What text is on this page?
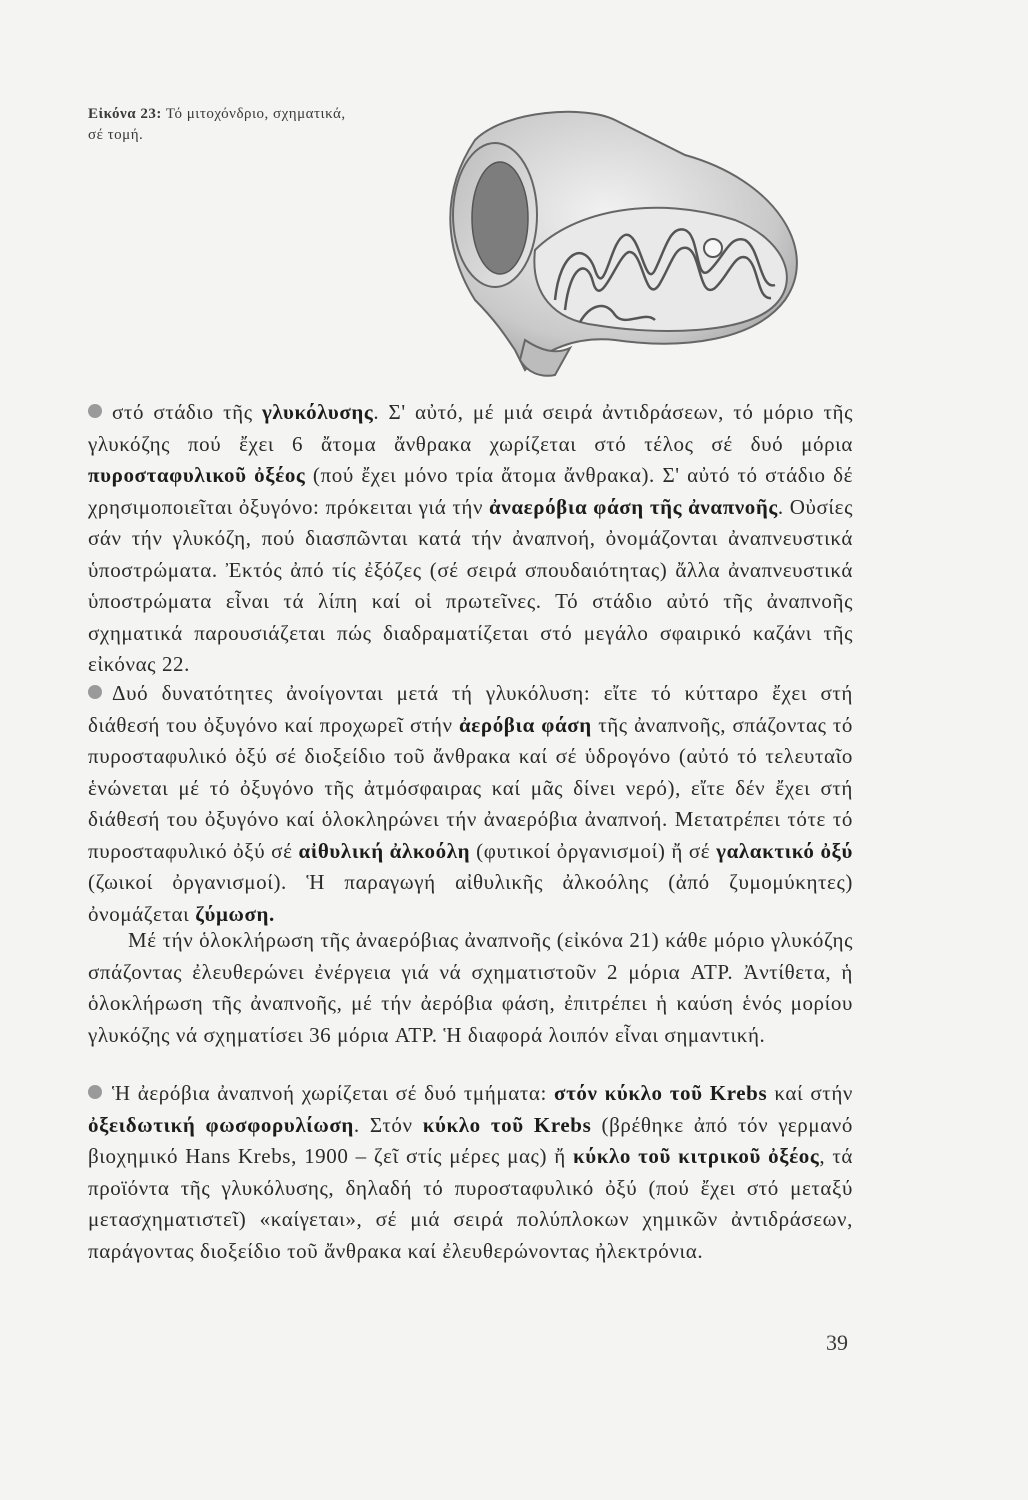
Εἰκόνα 23: Τό μιτοχόνδριο, σχηματικά, σέ τομή.
στό στάδιο τῆς γλυκόλυσης. Σ' αὐτό, μέ μιά σειρά ἀντιδράσεων, τό μόριο τῆς γλυκόζης πού ἔχει 6 ἄτομα ἄνθρακα χωρίζεται στό τέλος σέ δυό μόρια πυροσταφυλικοῦ ὀξέος (πού ἔχει μόνο τρία ἄτομα ἄνθρακα). Σ' αὐτό τό στάδιο δέ χρησιμοποιεῖται ὀξυγόνο: πρόκειται γιά τήν ἀναερόβια φάση τῆς ἀναπνοῆς. Οὐσίες σάν τήν γλυκόζη, πού διασπῶνται κατά τήν ἀναπνοή, ὀνομάζονται ἀναπνευστικά ὑποστρώματα. Ἐκτός ἀπό τίς ἐξόζες (σέ σειρά σπουδαιότητας) ἄλλα ἀναπνευστικά ὑποστρώματα εἶναι τά λίπη καί οἱ πρωτεῖνες. Τό στάδιο αὐτό τῆς ἀναπνοῆς σχηματικά παρουσιάζεται πώς διαδραματίζεται στό μεγάλο σφαιρικό καζάνι τῆς εἰκόνας 22.
Δυό δυνατότητες ἀνοίγονται μετά τή γλυκόλυση: εἴτε τό κύτταρο ἔχει στή διάθεσή του ὀξυγόνο καί προχωρεῖ στήν ἀερόβια φάση τῆς ἀναπνοῆς, σπάζοντας τό πυροσταφυλικό ὀξύ σέ διοξείδιο τοῦ ἄνθρακα καί σέ ὑδρογόνο (αὐτό τό τελευταῖο ἑνώνεται μέ τό ὀξυγόνο τῆς ἀτμόσφαιρας καί μᾶς δίνει νερό), εἴτε δέν ἔχει στή διάθεσή του ὀξυγόνο καί ὁλοκληρώνει τήν ἀναερόβια ἀναπνοή. Μετατρέπει τότε τό πυροσταφυλικό ὀξύ σέ αἰθυλική ἀλκοόλη (φυτικοί ὀργανισμοί) ἤ σέ γαλακτικό ὀξύ (ζωικοί ὀργανισμοί). Ἡ παραγωγή αἰθυλικῆς ἀλκοόλης (ἀπό ζυμομύκητες) ὀνομάζεται ζύμωση.
Μέ τήν ὁλοκλήρωση τῆς ἀναερόβιας ἀναπνοῆς (εἰκόνα 21) κάθε μόριο γλυκόζης σπάζοντας ἐλευθερώνει ἐνέργεια γιά νά σχηματιστοῦν 2 μόρια ATP. Ἀντίθετα, ἡ ὁλοκλήρωση τῆς ἀναπνοῆς, μέ τήν ἀερόβια φάση, ἐπιτρέπει ἡ καύση ἑνός μορίου γλυκόζης νά σχηματίσει 36 μόρια ATP. Ἡ διαφορά λοιπόν εἶναι σημαντική.
Ἡ ἀερόβια ἀναπνοή χωρίζεται σέ δυό τμήματα: στόν κύκλο τοῦ Krebs καί στήν ὀξειδωτική φωσφορυλίωση. Στόν κύκλο τοῦ Krebs (βρέθηκε ἀπό τόν γερμανό βιοχημικό Hans Krebs, 1900 – ζεῖ στίς μέρες μας) ἤ κύκλο τοῦ κιτρικοῦ ὀξέος, τά προϊόντα τῆς γλυκόλυσης, δηλαδή τό πυροσταφυλικό ὀξύ (πού ἔχει στό μεταξύ μετασχηματιστεῖ) «καίγεται», σέ μιά σειρά πολύπλοκων χημικῶν ἀντιδράσεων, παράγοντας διοξείδιο τοῦ ἄνθρακα καί ἐλευθερώνοντας ἠλεκτρόνια.
39
